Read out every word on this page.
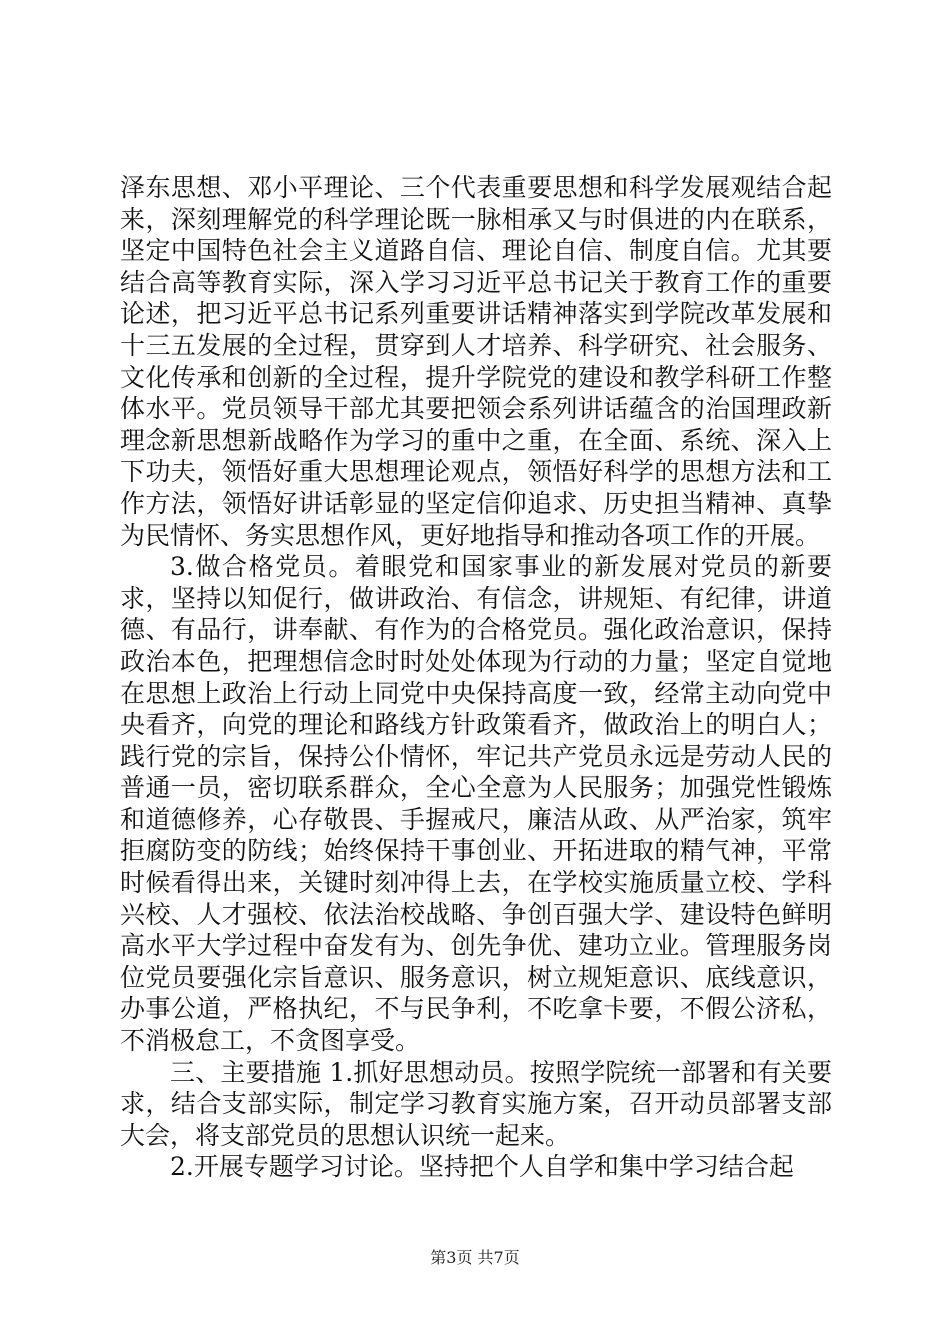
泽东思想、邓小平理论、三个代表重要思想和科学发展观结合起来，深刻理解党的科学理论既一脉相承又与时俱进的内在联系，坚定中国特色社会主义道路自信、理论自信、制度自信。尤其要结合高等教育实际，深入学习习近平总书记关于教育工作的重要论述，把习近平总书记系列重要讲话精神落实到学院改革发展和十三五发展的全过程，贯穿到人才培养、科学研究、社会服务、文化传承和创新的全过程，提升学院党的建设和教学科研工作整体水平。党员领导干部尤其要把领会系列讲话蕴含的治国理政新理念新思想新战略作为学习的重中之重，在全面、系统、深入上下功夫，领悟好重大思想理论观点，领悟好科学的思想方法和工作方法，领悟好讲话彰显的坚定信仰追求、历史担当精神、真挚为民情怀、务实思想作风，更好地指导和推动各项工作的开展。

3.做合格党员。着眼党和国家事业的新发展对党员的新要求，坚持以知促行，做讲政治、有信念，讲规矩、有纪律，讲道德、有品行，讲奉献、有作为的合格党员。强化政治意识，保持政治本色，把理想信念时时处处体现为行动的力量；坚定自觉地在思想上政治上行动上同党中央保持高度一致，经常主动向党中央看齐，向党的理论和路线方针政策看齐，做政治上的明白人；践行党的宗旨，保持公仆情怀，牢记共产党员永远是劳动人民的普通一员，密切联系群众，全心全意为人民服务；加强党性锻炼和道德修养，心存敬畏、手握戒尺，廉洁从政、从严治家，筑牢拒腐防变的防线；始终保持干事创业、开拓进取的精气神，平常时候看得出来，关键时刻冲得上去，在学校实施质量立校、学科兴校、人才强校、依法治校战略、争创百强大学、建设特色鲜明高水平大学过程中奋发有为、创先争优、建功立业。管理服务岗位党员要强化宗旨意识、服务意识，树立规矩意识、底线意识，办事公道，严格执纪，不与民争利，不吃拿卡要，不假公济私，不消极怠工，不贪图享受。

三、主要措施 1.抓好思想动员。按照学院统一部署和有关要求，结合支部实际，制定学习教育实施方案，召开动员部署支部大会，将支部党员的思想认识统一起来。

2.开展专题学习讨论。坚持把个人自学和集中学习结合起

第3页 共7页
